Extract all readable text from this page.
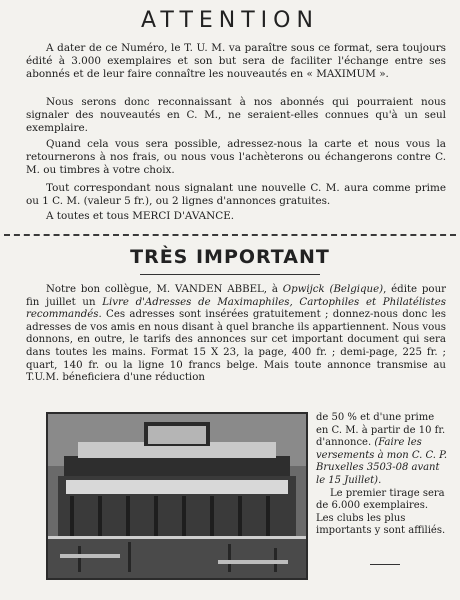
ATTENTION

A dater de ce Numéro, le T. U. M. va paraître sous ce format, sera toujours édité à 3.000 exemplaires et son but sera de faciliter l'échange entre ses abonnés et de leur faire connaître les nouveautés en « MAXIMUM ».

Nous serons donc reconnaissant à nos abonnés qui pourraient nous signaler des nouveautés en C. M., ne seraient-elles connues qu'à un seul exemplaire.

Quand cela vous sera possible, adressez-nous la carte et nous vous la retournerons à nos frais, ou nous vous l'achèterons ou échangerons contre C. M. ou timbres à votre choix.

Tout correspondant nous signalant une nouvelle C. M. aura comme prime ou 1 C. M. (valeur 5 fr.), ou 2 lignes d'annonces gratuites.

A toutes et tous MERCI D'AVANCE.

TRÈS IMPORTANT

Notre bon collègue, M. VANDEN ABBEL, à Opwijck (Belgique), édite pour fin juillet un Livre d'Adresses de Maximaphiles, Cartophiles et Philatélistes recommandés. Ces adresses sont insérées gratuitement ; donnez-nous donc les adresses de vos amis en nous disant à quel branche ils appartiennent. Nous vous donnons, en outre, le tarifs des annonces sur cet important document qui sera dans toutes les mains. Format 15 X 23, la page, 400 fr. ; demi-page, 225 fr. ; quart, 140 fr. ou la ligne 10 francs belge. Mais toute annonce transmise au T.U.M. béneficiera d'une réduction

de 50 % et d'une prime en C. M. à partir de 10 fr. d'annonce. (Faire les versements à mon C. C. P. Bruxelles 3503-08 avant le 15 Juillet).
Le premier tirage sera de 6.000 exemplaires. Les clubs les plus importants y sont affiliés.
